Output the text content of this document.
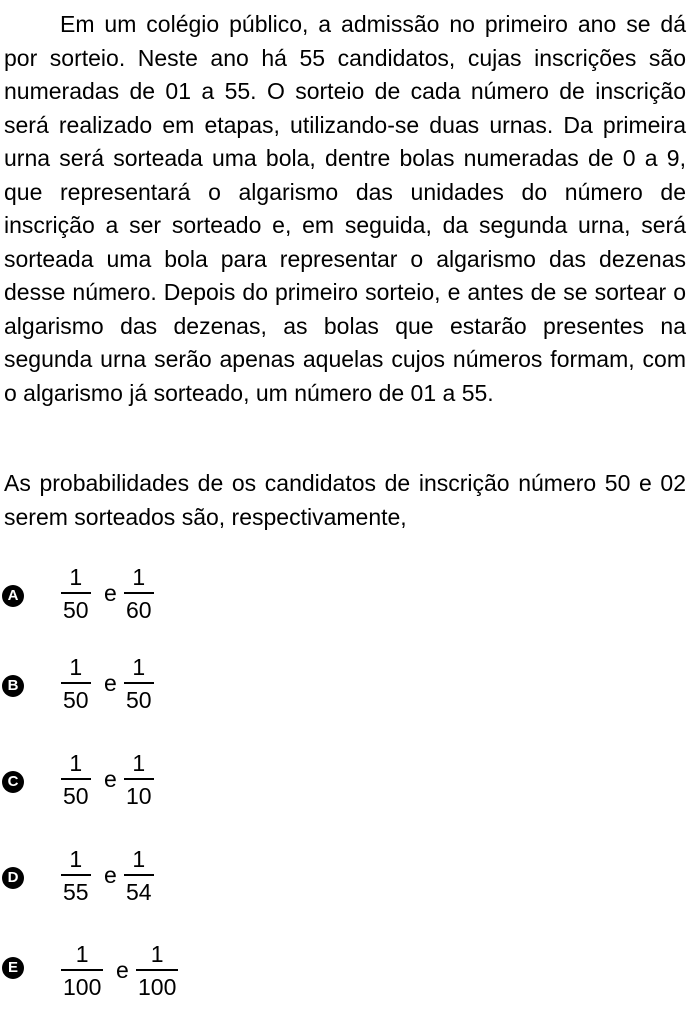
Em um colégio público, a admissão no primeiro ano se dá por sorteio. Neste ano há 55 candidatos, cujas inscrições são numeradas de 01 a 55. O sorteio de cada número de inscrição será realizado em etapas, utilizando-se duas urnas. Da primeira urna será sorteada uma bola, dentre bolas numeradas de 0 a 9, que representará o algarismo das unidades do número de inscrição a ser sorteado e, em seguida, da segunda urna, será sorteada uma bola para representar o algarismo das dezenas desse número. Depois do primeiro sorteio, e antes de se sortear o algarismo das dezenas, as bolas que estarão presentes na segunda urna serão apenas aquelas cujos números formam, com o algarismo já sorteado, um número de 01 a 55.

As probabilidades de os candidatos de inscrição número 50 e 02 serem sorteados são, respectivamente,

A
1
50
e
1
60
B
1
50
e
1
50
C
1
50
e
1
10
D
1
55
e
1
54
E
1
100
e
1
100
